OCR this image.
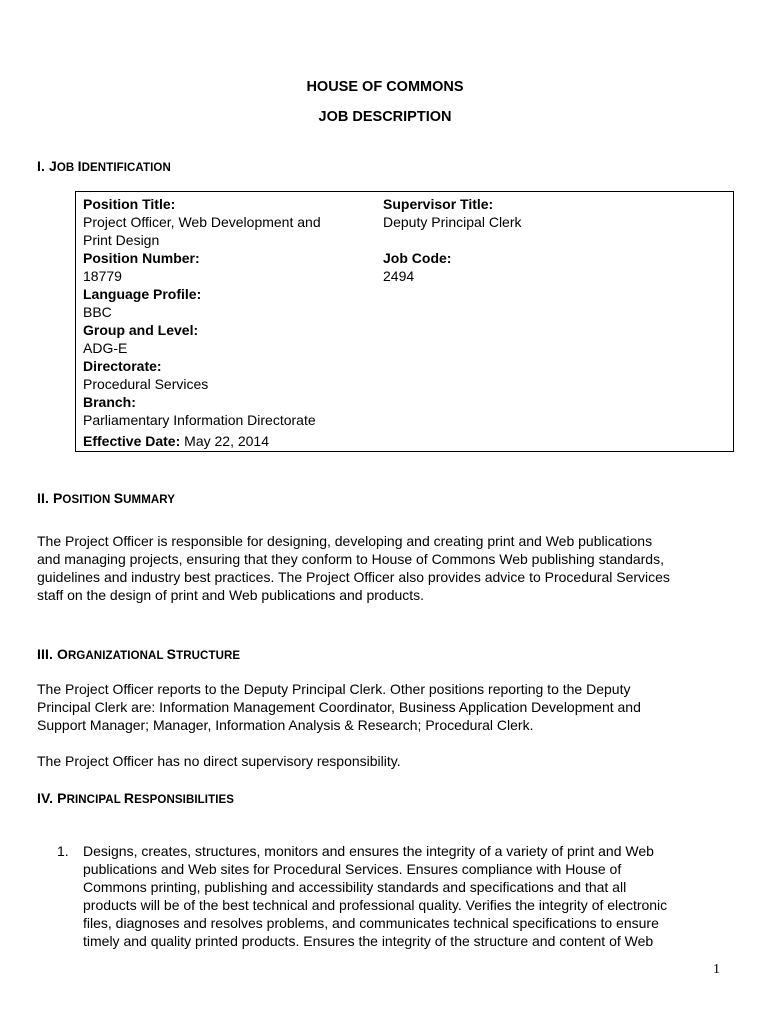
HOUSE OF COMMONS
JOB DESCRIPTION
I. JOB IDENTIFICATION
Position Title:
Project Officer, Web Development and
Print Design
Position Number:
18779
Language Profile:
BBC
Group and Level:
ADG-E
Directorate:
Procedural Services
Branch:
Parliamentary Information Directorate
Effective Date: May 22, 2014
Supervisor Title:
Deputy Principal Clerk
Job Code:
2494
II. POSITION SUMMARY
The Project Officer is responsible for designing, developing and creating print and Web publications
and managing projects, ensuring that they conform to House of Commons Web publishing standards,
guidelines and industry best practices. The Project Officer also provides advice to Procedural Services
staff on the design of print and Web publications and products.
III. ORGANIZATIONAL STRUCTURE
The Project Officer reports to the Deputy Principal Clerk. Other positions reporting to the Deputy
Principal Clerk are: Information Management Coordinator, Business Application Development and
Support Manager; Manager, Information Analysis & Research; Procedural Clerk.
The Project Officer has no direct supervisory responsibility.
IV. PRINCIPAL RESPONSIBILITIES
1. Designs, creates, structures, monitors and ensures the integrity of a variety of print and Web
publications and Web sites for Procedural Services. Ensures compliance with House of
Commons printing, publishing and accessibility standards and specifications and that all
products will be of the best technical and professional quality. Verifies the integrity of electronic
files, diagnoses and resolves problems, and communicates technical specifications to ensure
timely and quality printed products. Ensures the integrity of the structure and content of Web
1
